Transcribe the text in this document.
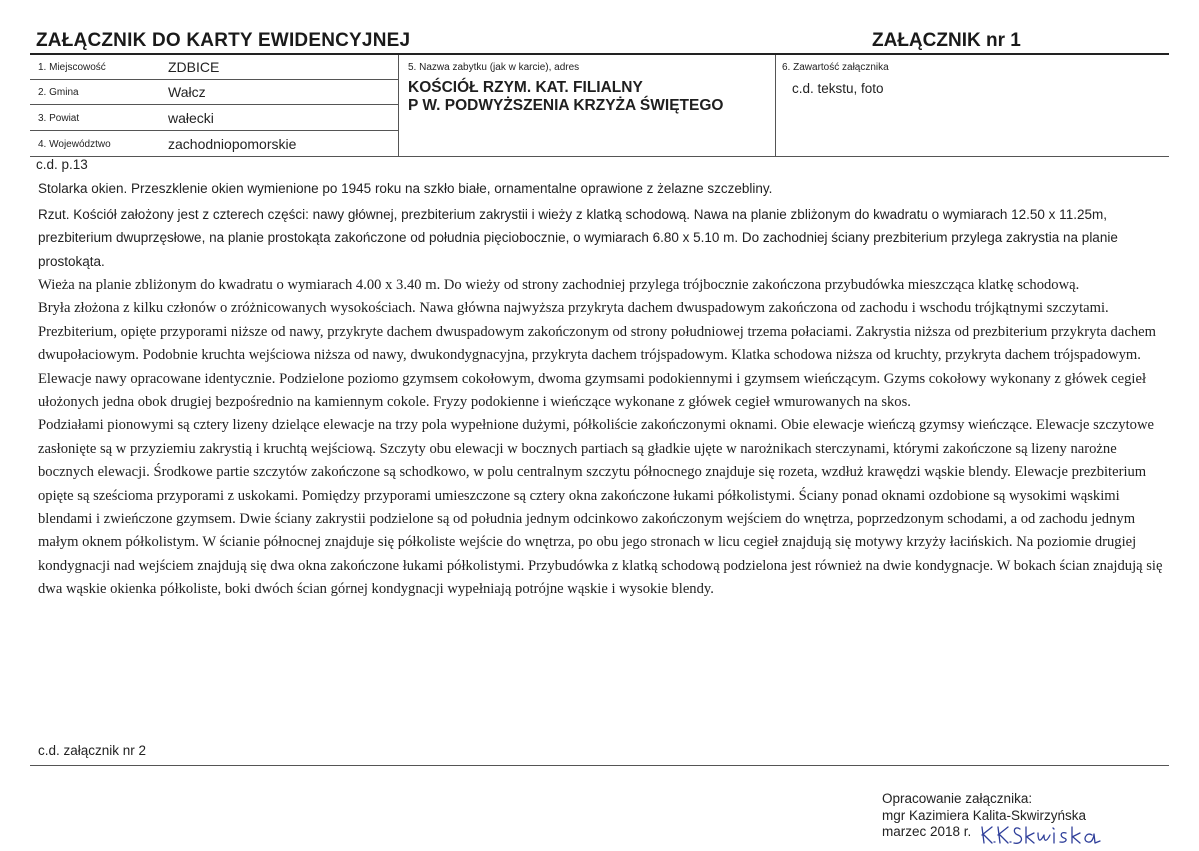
ZAŁĄCZNIK DO KARTY EWIDENCYJNEJ	ZAŁĄCZNIK nr 1
1. Miejscowość	ZDBICE
2. Gmina	Wałcz
3. Powiat	wałecki
4. Województwo	zachodniopomorskie
5. Nazwa zabytku (jak w karcie), adres
KOŚCIÓŁ RZYM. KAT. FILIALNY
P W. PODWYŻSZENIA KRZYŻA ŚWIĘTEGO
6. Zawartość załącznika
c.d. tekstu, foto
c.d. p.13
Stolarka okien. Przeszklenie okien wymienione po 1945 roku na szkło białe, ornamentalne oprawione z żelazne szczebliny.
Rzut. Kościół założony jest z czterech części: nawy głównej, prezbiterium zakrystii i wieży z klatką schodową. Nawa na planie zbliżonym do kwadratu o wymiarach 12.50 x 11.25m, prezbiterium dwuprzęsłowe, na planie prostokąta zakończone od południa pięciobocznie, o wymiarach 6.80 x 5.10 m. Do zachodniej ściany prezbiterium przylega zakrystia na planie prostokąta.

Wieża na planie zbliżonym do kwadratu o wymiarach 4.00 x 3.40 m. Do wieży od strony zachodniej przylega trójbocznie zakończona przybudówka mieszcząca klatkę schodową.

Bryła złożona z kilku członów o zróżnicowanych wysokościach. Nawa główna najwyższa przykryta dachem dwuspadowym zakończona od zachodu i wschodu trójkątnymi szczytami. Prezbiterium, opięte przyporami niższe od nawy, przykryte dachem dwuspadowym zakończonym od strony południowej trzema połaciami. Zakrystia niższa od prezbiterium przykryta dachem dwupołaciowym. Podobnie kruchta wejściowa niższa od nawy, dwukondygnacyjna, przykryta dachem trójspadowym. Klatka schodowa niższa od kruchty, przykryta dachem trójspadowym.

Elewacje nawy opracowane identycznie. Podzielone poziomo gzymsem cokołowym, dwoma gzymsami podokiennymi i gzymsem wieńczącym. Gzyms cokołowy wykonany z główek cegieł ułożonych jedna obok drugiej bezpośrednio na kamiennym cokole. Fryzy podokienne i wieńczące wykonane z główek cegieł wmurowanych na skos.

Podziałami pionowymi są cztery lizeny dzielące elewacje na trzy pola wypełnione dużymi, półkoliście zakończonymi oknami. Obie elewacje wieńczą gzymsy wieńczące. Elewacje szczytowe zasłonięte są w przyziemiu zakrystią i kruchtą wejściową. Szczyty obu elewacji w bocznych partiach są gładkie ujęte w narożnikach sterczynami, którymi zakończone są lizeny narożne bocznych elewacji. Środkowe partie szczytów zakończone są schodkowo, w polu centralnym szczytu północnego znajduje się rozeta, wzdłuż krawędzi wąskie blendy. Elewacje prezbiterium opięte są sześcioma przyporami z uskokami. Pomiędzy przyporami umieszczone są cztery okna zakończone łukami półkolistymi. Ściany ponad oknami ozdobione są wysokimi wąskimi blendami i zwieńczone gzymsem. Dwie ściany zakrystii podzielone są od południa jednym odcinkowo zakończonym wejściem do wnętrza, poprzedzonym schodami, a od zachodu jednym małym oknem półkolistym. W ścianie północnej znajduje się półkoliste wejście do wnętrza, po obu jego stronach w licu cegieł znajdują się motywy krzyży łacińskich. Na poziomie drugiej kondygnacji nad wejściem znajdują się dwa okna zakończone łukami półkolistymi. Przybudówka z klatką schodową podzielona jest również na dwie kondygnacje. W bokach ścian znajdują się dwa wąskie okienka półkoliste, boki dwóch ścian górnej kondygnacji wypełniają potrójne wąskie i wysokie blendy.

c.d. załącznik nr 2
Opracowanie załącznika:
mgr Kazimiera Kalita-Skwirzyńska
marzec 2018 r.
